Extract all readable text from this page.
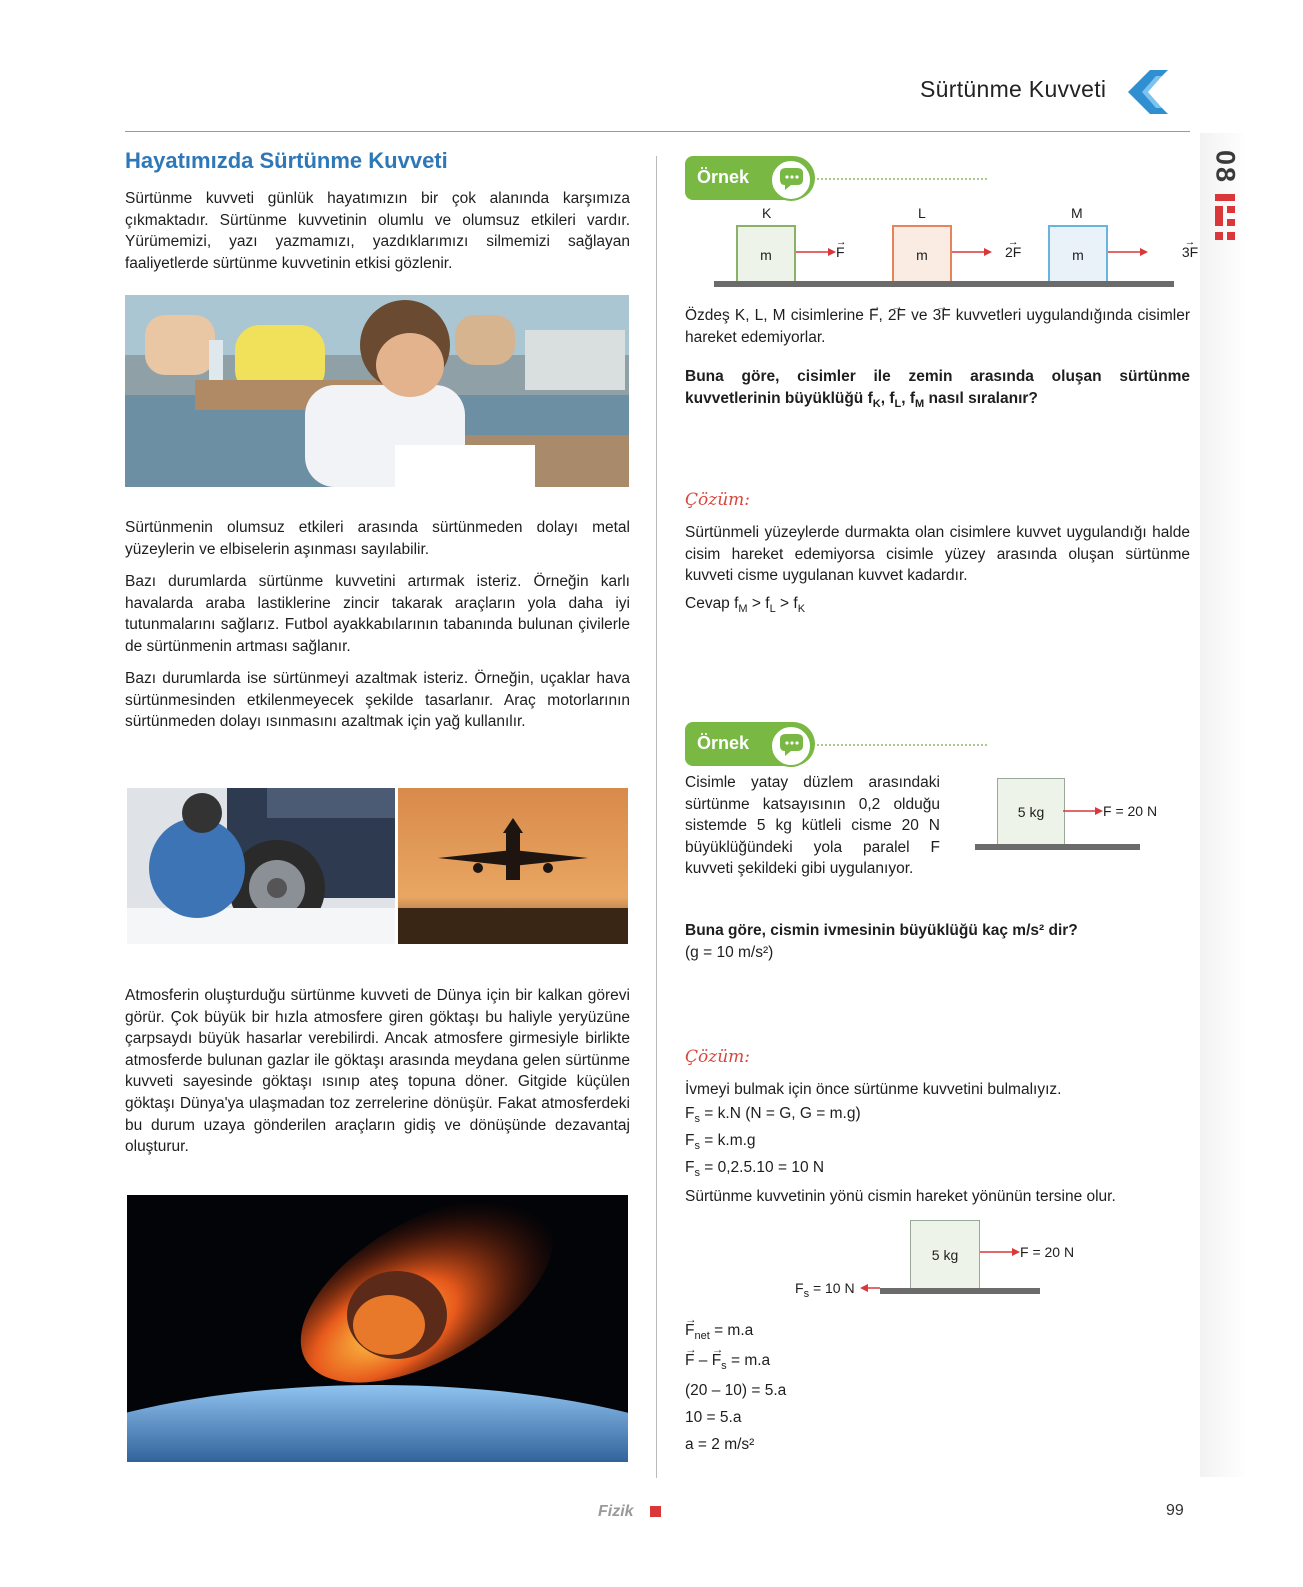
Sürtünme Kuvveti
08
Hayatımızda Sürtünme Kuvveti

Sürtünme kuvveti günlük hayatımızın bir çok alanında karşımıza çıkmaktadır. Sürtünme kuvvetinin olumlu ve olumsuz etkileri vardır. Yürümemizi, yazı yazmamızı, yazdıklarımızı silmemizi sağlayan faaliyetlerde sürtünme kuvvetinin etkisi gözlenir.

Sürtünmenin olumsuz etkileri arasında sürtünmeden dolayı metal yüzeylerin ve elbiselerin aşınması sayılabilir.

Bazı durumlarda sürtünme kuvvetini artırmak isteriz. Örneğin karlı havalarda araba lastiklerine zincir takarak araçların yola daha iyi tutunmalarını sağlarız. Futbol ayakkabılarının tabanında bulunan çivilerle de sürtünmenin artması sağlanır.

Bazı durumlarda ise sürtünmeyi azaltmak isteriz. Örneğin, uçaklar hava sürtünmesinden etkilenmeyecek şekilde tasarlanır. Araç motorlarının sürtünmeden dolayı ısınmasını azaltmak için yağ kullanılır.

Atmosferin oluşturduğu sürtünme kuvveti de Dünya için bir kalkan görevi görür. Çok büyük bir hızla atmosfere giren göktaşı bu haliyle yeryüzüne çarpsaydı büyük hasarlar verebilirdi. Ancak atmosfere girmesiyle birlikte atmosferde bulunan gazlar ile göktaşı arasında meydana gelen sürtünme kuvveti sayesinde göktaşı ısınıp ateş topuna döner. Gitgide küçülen göktaşı Dünya'ya ulaşmadan toz zerrelerine dönüşür. Fakat atmosferdeki bu durum uzaya gönderilen araçların gidiş ve dönüşünde dezavantaj oluşturur.

Örnek
K	L	M
m	m	m
→ F	→ 2F	→ 3F

Özdeş K, L, M cisimlerine → F, → 2F ve → 3F kuvvetleri uygulandığında cisimler hareket edemiyorlar.

Buna göre, cisimler ile zemin arasında oluşan sürtünme kuvvetlerinin büyüklüğü $f_K$, $f_L$, $f_M$ nasıl sıralanır?

Çözüm:

Sürtünmeli yüzeylerde durmakta olan cisimlere kuvvet uygulandığı halde cisim hareket edemiyorsa cisimle yüzey arasında oluşan sürtünme kuvveti cisme uygulanan kuvvet kadardır.

Cevap $f_M > f_L > f_K$

Örnek

Cisimle yatay düzlem arasındaki sürtünme katsayısının 0,2 olduğu sistemde 5 kg kütleli cisme 20 N büyüklüğündeki yola paralel F kuvveti şekildeki gibi uygulanıyor.

5 kg	F = 20 N

Buna göre, cismin ivmesinin büyüklüğü kaç m/s² dir?

(g = 10 m/s²)

Çözüm:

İvmeyi bulmak için önce sürtünme kuvvetini bulmalıyız.

$F_s = k.N$ (N = G, G = m.g)
$F_s = k.m.g$
$F_s = 0,2.5.10 = 10$ N

Sürtünme kuvvetinin yönü cismin hareket yönünün tersine olur.

5 kg	F = 20 N
$F_s = 10$ N
→ $F_{net} = m.a$
→ F – → $F_s = m.a$
(20 – 10) = 5.a
10 = 5.a
a = 2 m/s²
Fizik	99
